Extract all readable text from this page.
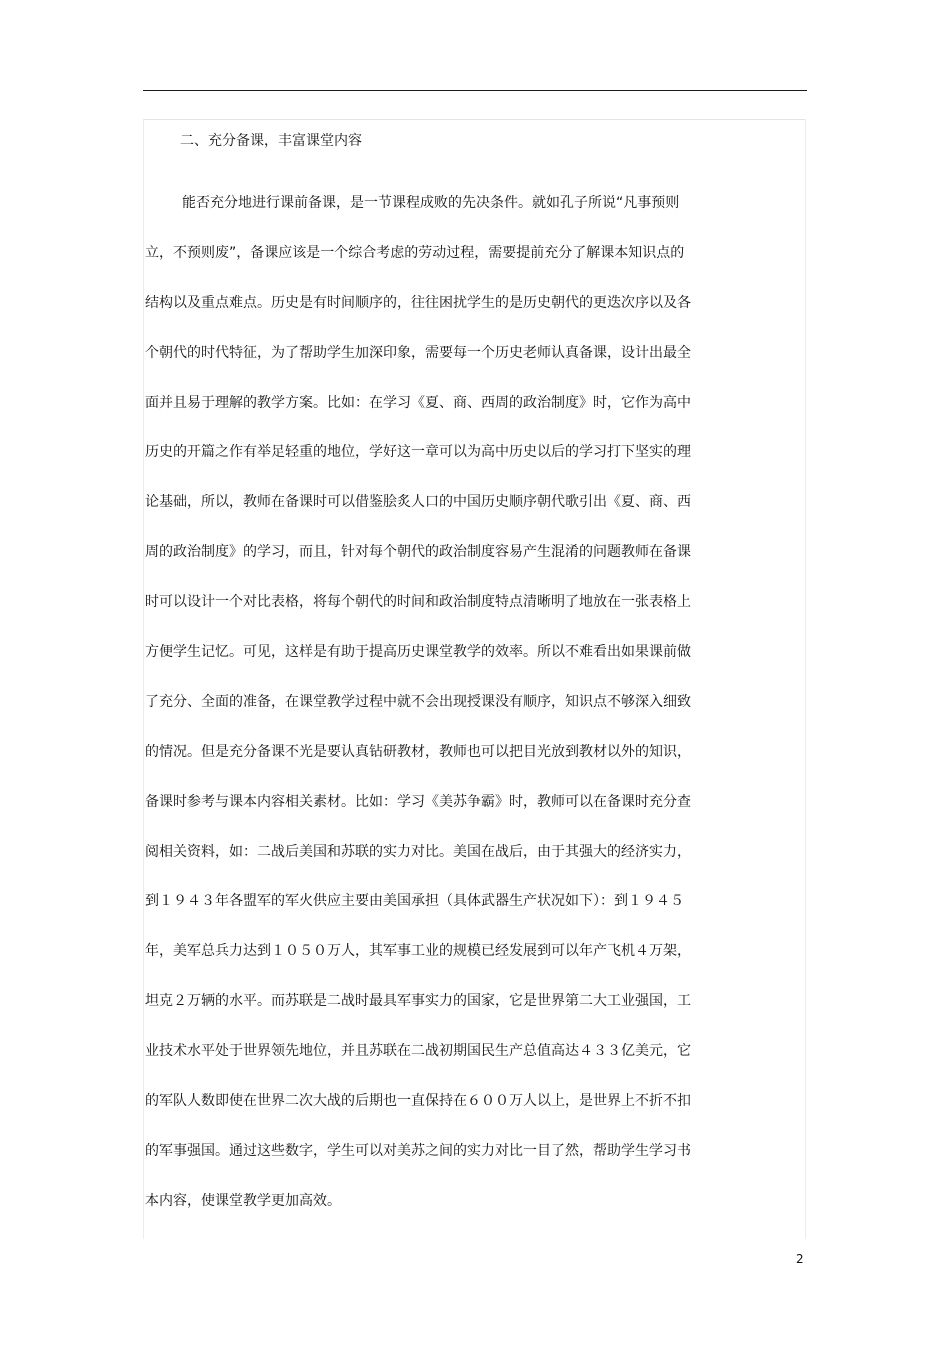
二、充分备课，丰富课堂内容
能否充分地进行课前备课，是一节课程成败的先决条件。就如孔子所说“凡事预则
立，不预则废”，备课应该是一个综合考虑的劳动过程，需要提前充分了解课本知识点的
结构以及重点难点。历史是有时间顺序的，往往困扰学生的是历史朝代的更迭次序以及各
个朝代的时代特征，为了帮助学生加深印象，需要每一个历史老师认真备课，设计出最全
面并且易于理解的教学方案。比如：在学习《夏、商、西周的政治制度》时，它作为高中
历史的开篇之作有举足轻重的地位，学好这一章可以为高中历史以后的学习打下坚实的理
论基础，所以，教师在备课时可以借鉴脍炙人口的中国历史顺序朝代歌引出《夏、商、西
周的政治制度》的学习，而且，针对每个朝代的政治制度容易产生混淆的问题教师在备课
时可以设计一个对比表格，将每个朝代的时间和政治制度特点清晰明了地放在一张表格上
方便学生记忆。可见，这样是有助于提高历史课堂教学的效率。所以不难看出如果课前做
了充分、全面的准备，在课堂教学过程中就不会出现授课没有顺序，知识点不够深入细致
的情况。但是充分备课不光是要认真钻研教材，教师也可以把目光放到教材以外的知识，
备课时参考与课本内容相关素材。比如：学习《美苏争霸》时，教师可以在备课时充分查
阅相关资料，如：二战后美国和苏联的实力对比。美国在战后，由于其强大的经济实力，
到１９４３年各盟军的军火供应主要由美国承担（具体武器生产状况如下）：到１９４５
年，美军总兵力达到１０５０万人，其军事工业的规模已经发展到可以年产飞机４万架，
坦克２万辆的水平。而苏联是二战时最具军事实力的国家，它是世界第二大工业强国，工
业技术水平处于世界领先地位，并且苏联在二战初期国民生产总值高达４３３亿美元，它
的军队人数即使在世界二次大战的后期也一直保持在６００万人以上，是世界上不折不扣
的军事强国。通过这些数字，学生可以对美苏之间的实力对比一目了然，帮助学生学习书
本内容，使课堂教学更加高效。
2
